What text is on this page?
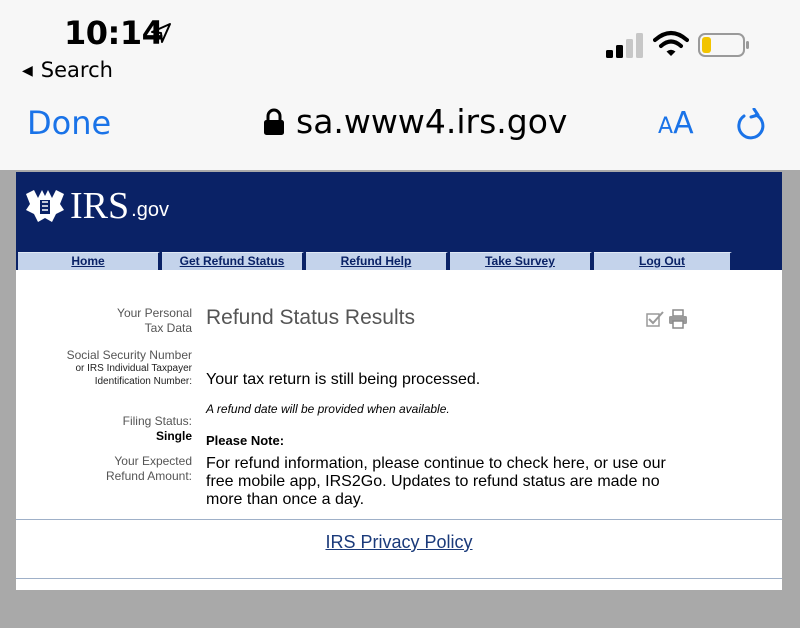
10:14
◀ Search
Done	sa.www4.irs.gov	AA
IRS .gov
Home	Get Refund Status	Refund Help	Take Survey	Log Out
Your Personal
Tax Data
Social Security Number
or IRS Individual Taxpayer
Identification Number:
Filing Status:
Single
Your Expected
Refund Amount:
Refund Status Results
Your tax return is still being processed.
A refund date will be provided when available.
Please Note:
For refund information, please continue to check here, or use our free mobile app, IRS2Go. Updates to refund status are made no more than once a day.
IRS Privacy Policy
